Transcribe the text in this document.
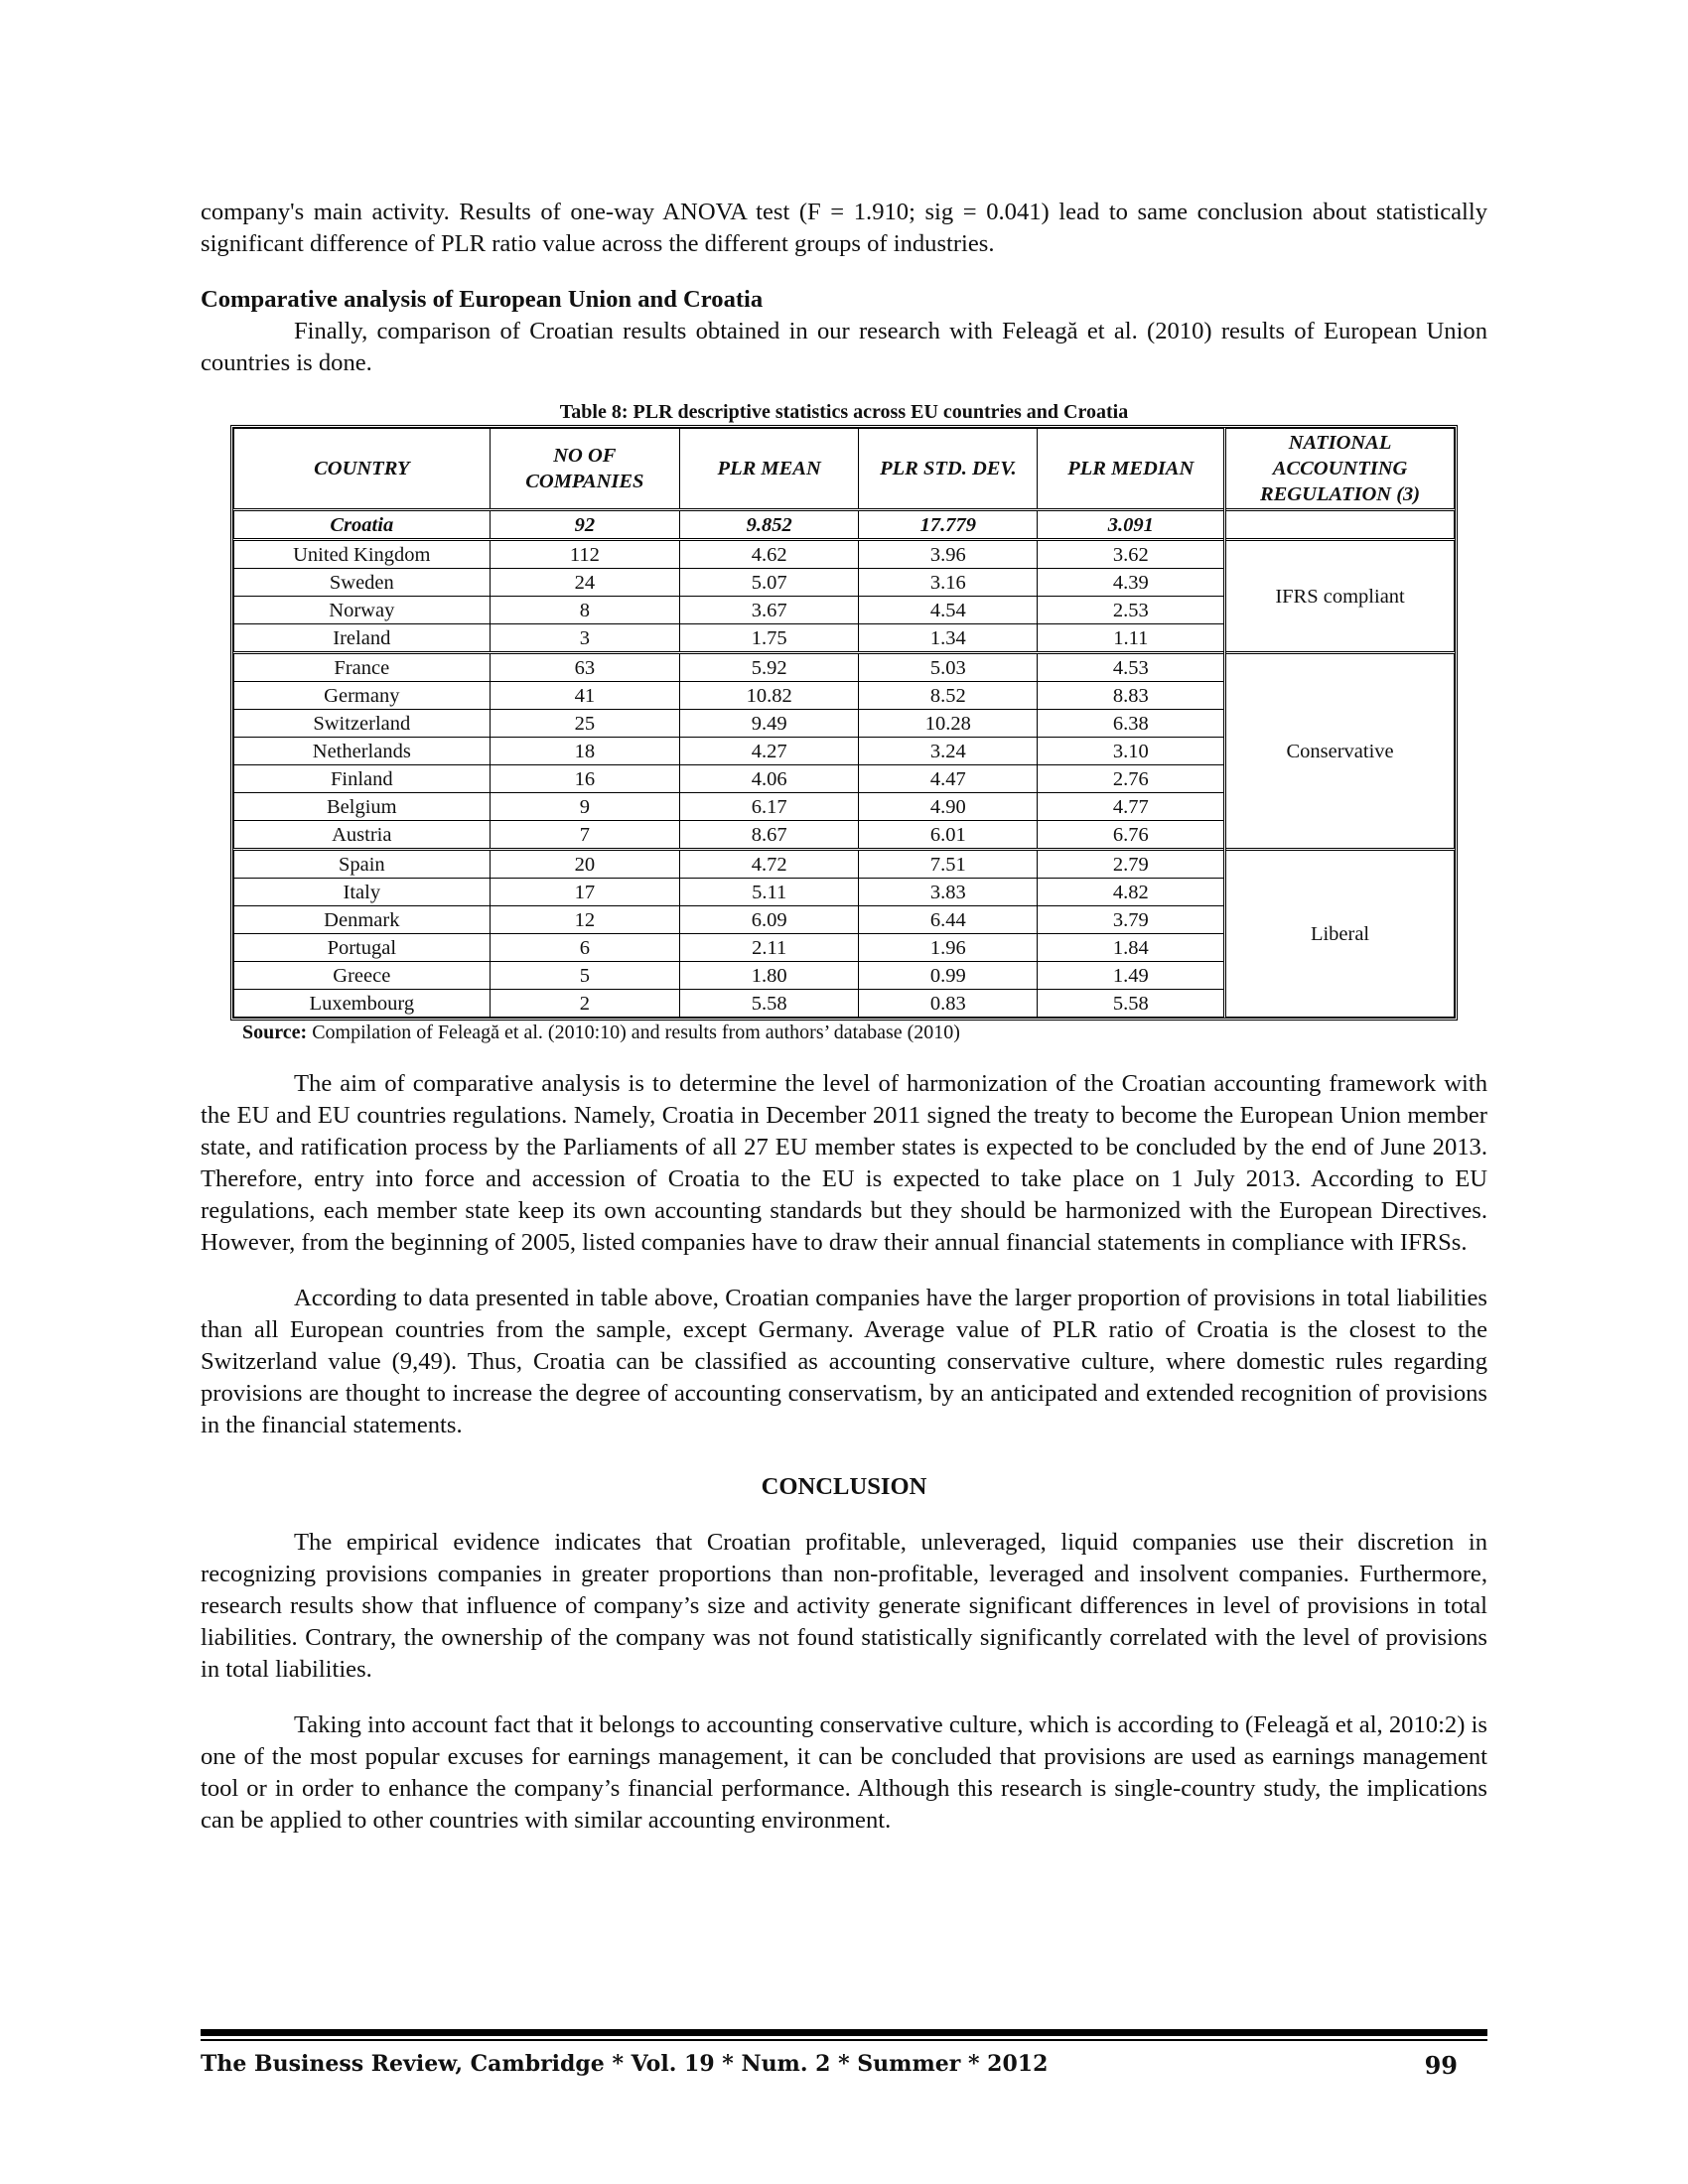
company's main activity. Results of one-way ANOVA test (F = 1.910; sig = 0.041) lead to same conclusion about statistically significant difference of PLR ratio value across the different groups of industries.

Comparative analysis of European Union and Croatia

Finally, comparison of Croatian results obtained in our research with Feleagă et al. (2010) results of European Union countries is done.

Table 8: PLR descriptive statistics across EU countries and Croatia
COUNTRY	NO OF COMPANIES	PLR MEAN	PLR STD. DEV.	PLR MEDIAN	NATIONAL ACCOUNTING REGULATION (3)
Croatia	92	9.852	17.779	3.091	
United Kingdom	112	4.62	3.96	3.62	IFRS compliant
Sweden	24	5.07	3.16	4.39	
Norway	8	3.67	4.54	2.53	
Ireland	3	1.75	1.34	1.11	
France	63	5.92	5.03	4.53	Conservative
Germany	41	10.82	8.52	8.83	
Switzerland	25	9.49	10.28	6.38	
Netherlands	18	4.27	3.24	3.10	
Finland	16	4.06	4.47	2.76	
Belgium	9	6.17	4.90	4.77	
Austria	7	8.67	6.01	6.76	
Spain	20	4.72	7.51	2.79	Liberal
Italy	17	5.11	3.83	4.82	
Denmark	12	6.09	6.44	3.79	
Portugal	6	2.11	1.96	1.84	
Greece	5	1.80	0.99	1.49	
Luxembourg	2	5.58	0.83	5.58	
Source: Compilation of Feleagă et al. (2010:10) and results from authors’ database (2010)

The aim of comparative analysis is to determine the level of harmonization of the Croatian accounting framework with the EU and EU countries regulations. Namely, Croatia in December 2011 signed the treaty to become the European Union member state, and ratification process by the Parliaments of all 27 EU member states is expected to be concluded by the end of June 2013. Therefore, entry into force and accession of Croatia to the EU is expected to take place on 1 July 2013. According to EU regulations, each member state keep its own accounting standards but they should be harmonized with the European Directives. However, from the beginning of 2005, listed companies have to draw their annual financial statements in compliance with IFRSs.

According to data presented in table above, Croatian companies have the larger proportion of provisions in total liabilities than all European countries from the sample, except Germany. Average value of PLR ratio of Croatia is the closest to the Switzerland value (9,49). Thus, Croatia can be classified as accounting conservative culture, where domestic rules regarding provisions are thought to increase the degree of accounting conservatism, by an anticipated and extended recognition of provisions in the financial statements.

CONCLUSION

The empirical evidence indicates that Croatian profitable, unleveraged, liquid companies use their discretion in recognizing provisions companies in greater proportions than non-profitable, leveraged and insolvent companies. Furthermore, research results show that influence of company’s size and activity generate significant differences in level of provisions in total liabilities. Contrary, the ownership of the company was not found statistically significantly correlated with the level of provisions in total liabilities.

Taking into account fact that it belongs to accounting conservative culture, which is according to (Feleagă et al, 2010:2) is one of the most popular excuses for earnings management, it can be concluded that provisions are used as earnings management tool or in order to enhance the company’s financial performance. Although this research is single-country study, the implications can be applied to other countries with similar accounting environment.

The Business Review, Cambridge * Vol. 19 * Num. 2 * Summer * 2012	99
